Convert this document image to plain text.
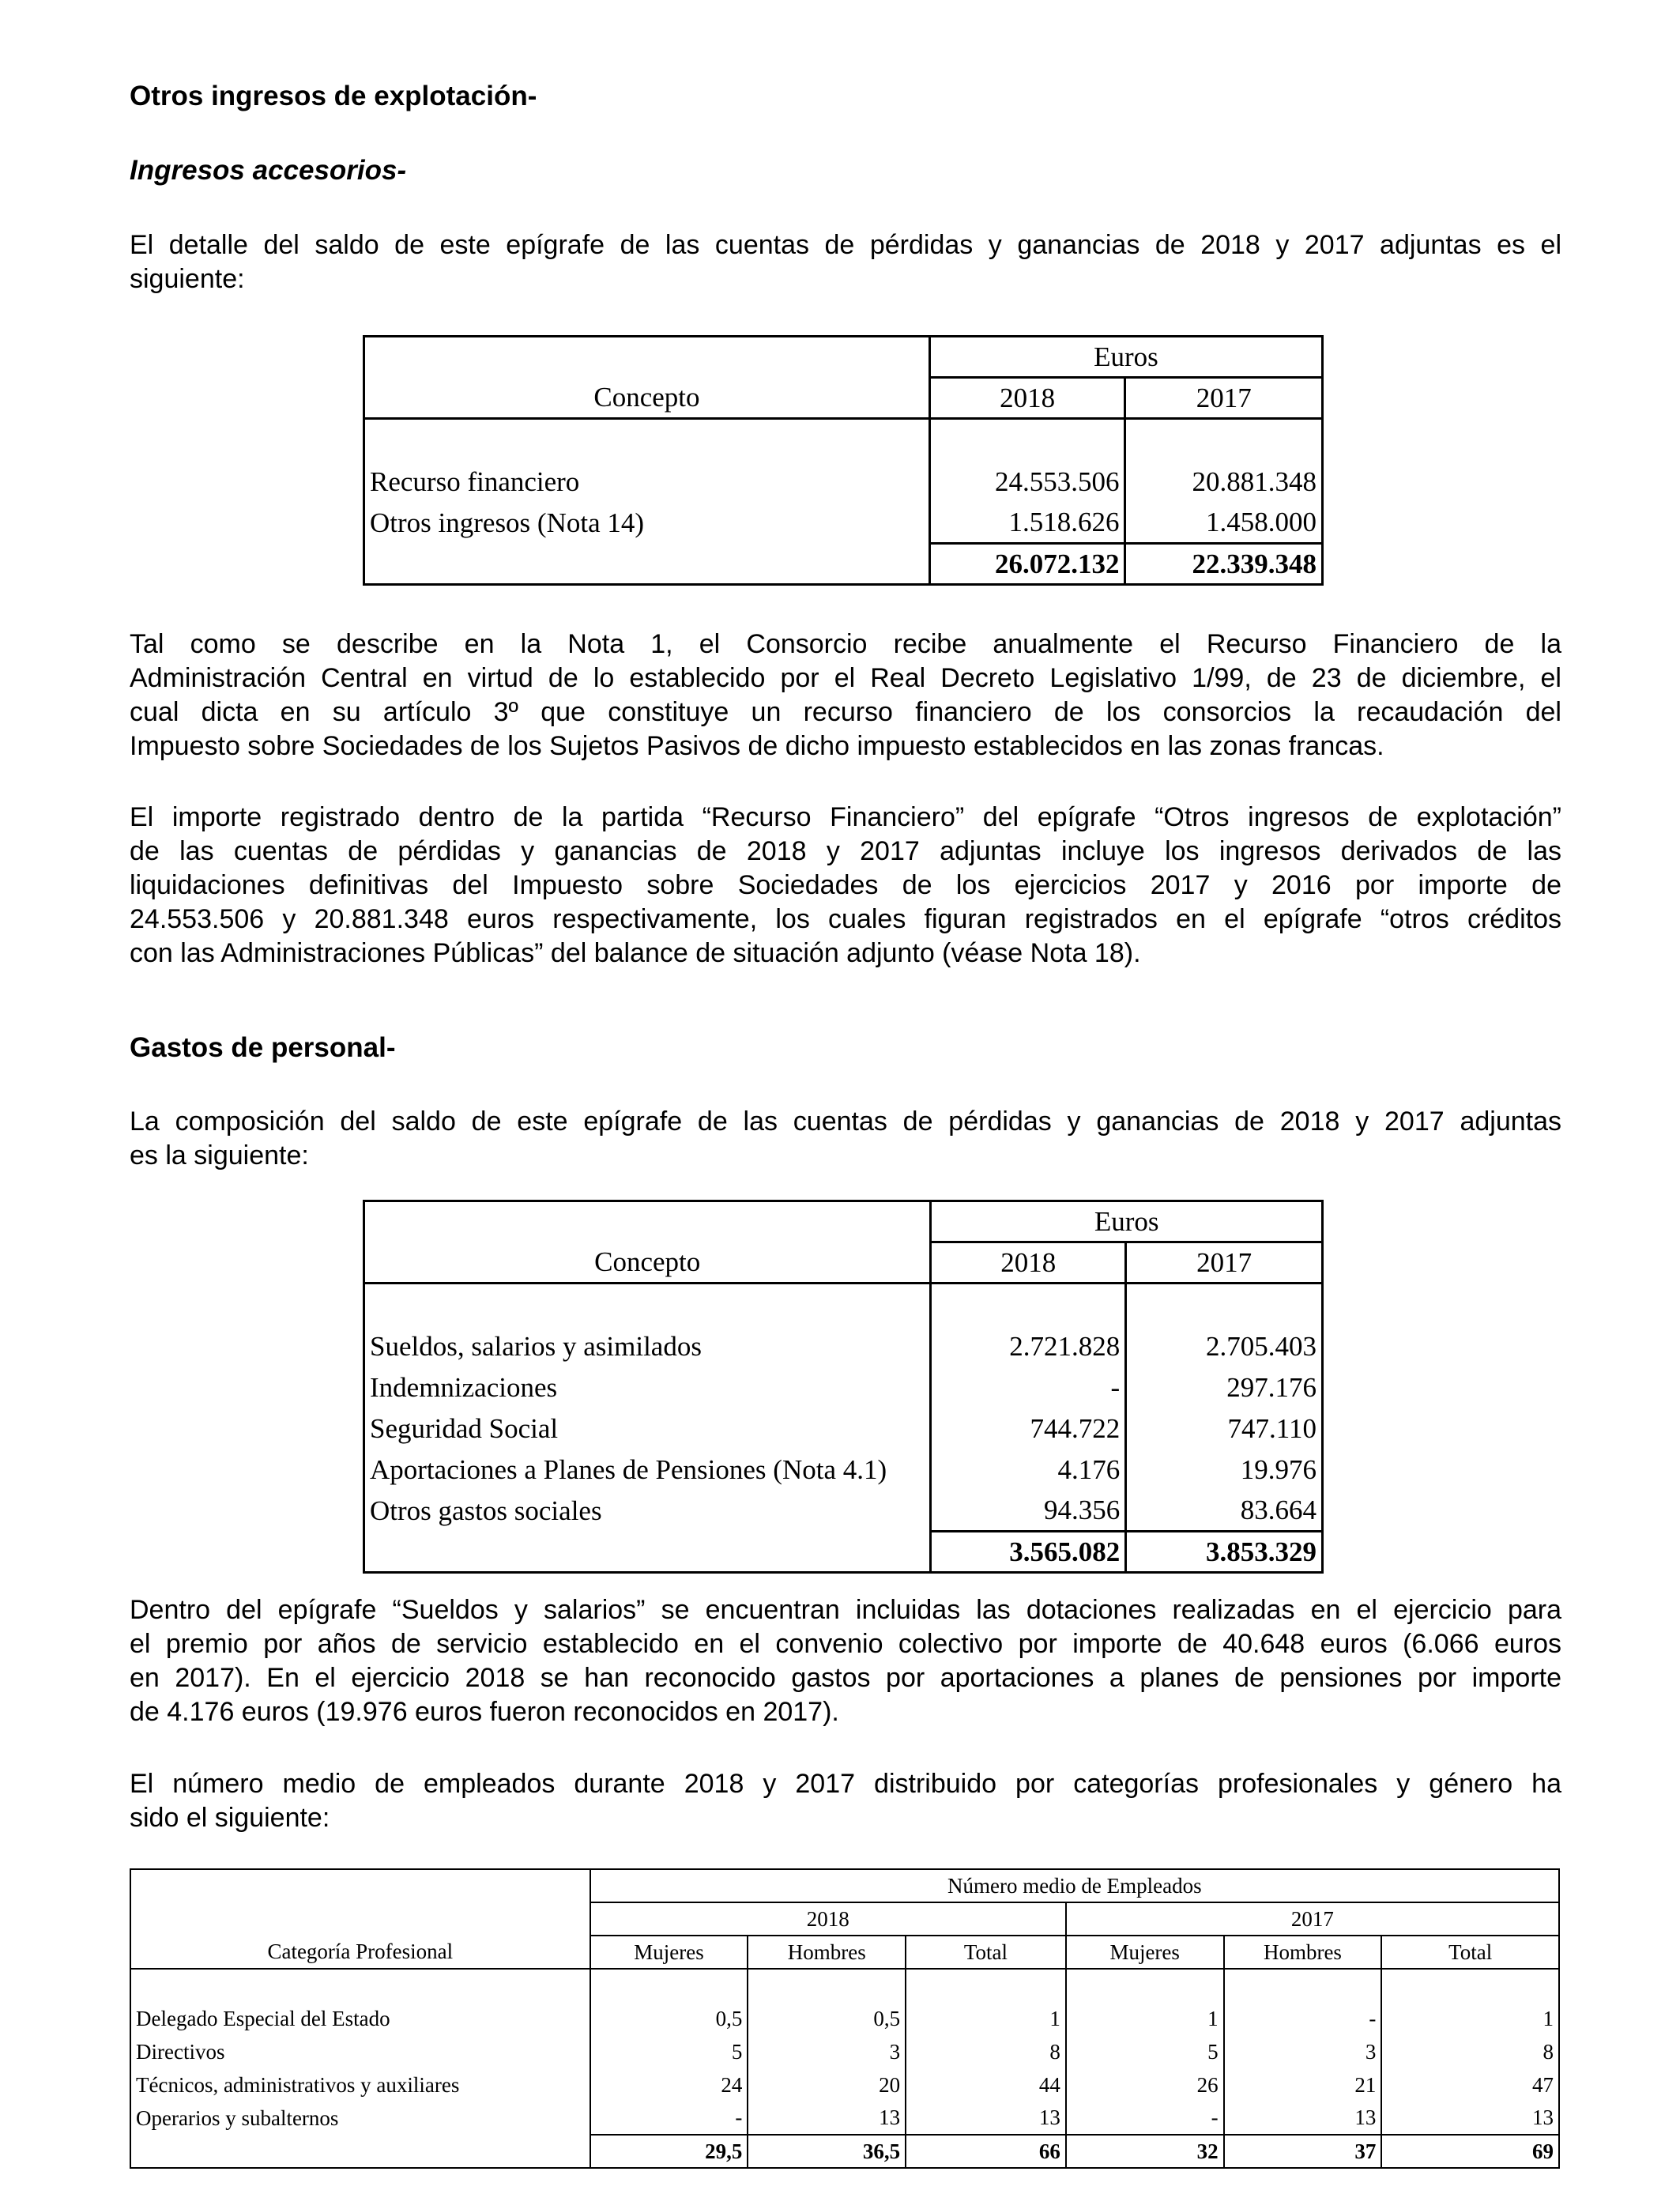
Otros ingresos de explotación-
Ingresos accesorios-
El detalle del saldo de este epígrafe de las cuentas de pérdidas y ganancias de 2018 y 2017 adjuntas es el
siguiente:
	Euros	
Concepto	2018	2017

Recurso financiero	24.553.506	20.881.348
Otros ingresos (Nota 14)	1.518.626	1.458.000
	26.072.132	22.339.348
Tal como se describe en la Nota 1, el Consorcio recibe anualmente el Recurso Financiero de la
Administración Central en virtud de lo establecido por el Real Decreto Legislativo 1/99, de 23 de diciembre, el
cual dicta en su artículo 3º que constituye un recurso financiero de los consorcios la recaudación del
Impuesto sobre Sociedades de los Sujetos Pasivos de dicho impuesto establecidos en las zonas francas.
El importe registrado dentro de la partida “Recurso Financiero” del epígrafe “Otros ingresos de explotación”
de las cuentas de pérdidas y ganancias de 2018 y 2017 adjuntas incluye los ingresos derivados de las
liquidaciones definitivas del Impuesto sobre Sociedades de los ejercicios 2017 y 2016 por importe de
24.553.506 y 20.881.348 euros respectivamente, los cuales figuran registrados en el epígrafe “otros créditos
con las Administraciones Públicas” del balance de situación adjunto (véase Nota 18).
Gastos de personal-
La composición del saldo de este epígrafe de las cuentas de pérdidas y ganancias de 2018 y 2017 adjuntas
es la siguiente:
	Euros	
Concepto	2018	2017

Sueldos, salarios y asimilados	2.721.828	2.705.403
Indemnizaciones	-	297.176
Seguridad Social	744.722	747.110
Aportaciones a Planes de Pensiones (Nota 4.1)	4.176	19.976
Otros gastos sociales	94.356	83.664
	3.565.082	3.853.329
Dentro del epígrafe “Sueldos y salarios” se encuentran incluidas las dotaciones realizadas en el ejercicio para
el premio por años de servicio establecido en el convenio colectivo por importe de 40.648 euros (6.066 euros
en 2017). En el ejercicio 2018 se han reconocido gastos por aportaciones a planes de pensiones por importe
de 4.176 euros (19.976 euros fueron reconocidos en 2017).
El número medio de empleados durante 2018 y 2017 distribuido por categorías profesionales y género ha
sido el siguiente:
	Número medio de Empleados					
	2018			2017		
Categoría Profesional	Mujeres	Hombres	Total	Mujeres	Hombres	Total

Delegado Especial del Estado	0,5	0,5	1	1	-	1
Directivos	5	3	8	5	3	8
Técnicos, administrativos y auxiliares	24	20	44	26	21	47
Operarios y subalternos	-	13	13	-	13	13
	29,5	36,5	66	32	37	69
